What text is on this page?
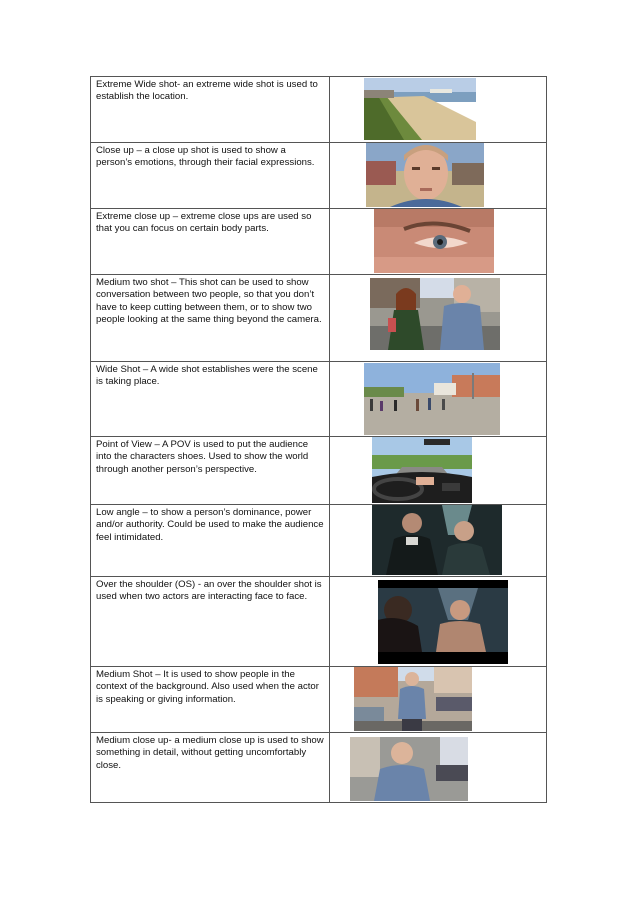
Extreme Wide shot- an extreme wide shot is used to establish the location.	

Close up – a close up shot is used to show a person’s emotions, through their facial expressions.	

Extreme close up – extreme close ups are used so that you can focus on certain body parts.	

Medium two shot – This shot can be used to show conversation between two people, so that you don’t have to keep cutting between them, or to show two people looking at the same thing beyond the camera.	

Wide Shot – A wide shot establishes were the scene is taking place.	

Point of View – A POV is used to put the audience into the characters shoes. Used to show the world through another person’s perspective.	

Low angle – to show a person’s dominance, power and/or authority. Could be used to make the audience feel intimidated.	

Over the shoulder (OS) - an over the shoulder shot is used when two actors are interacting face to face.	

Medium Shot – It is used to show people in the context of the background. Also used when the actor is speaking or giving information.	

Medium close up- a medium close up is used to show something in detail, without getting uncomfortably close.	
